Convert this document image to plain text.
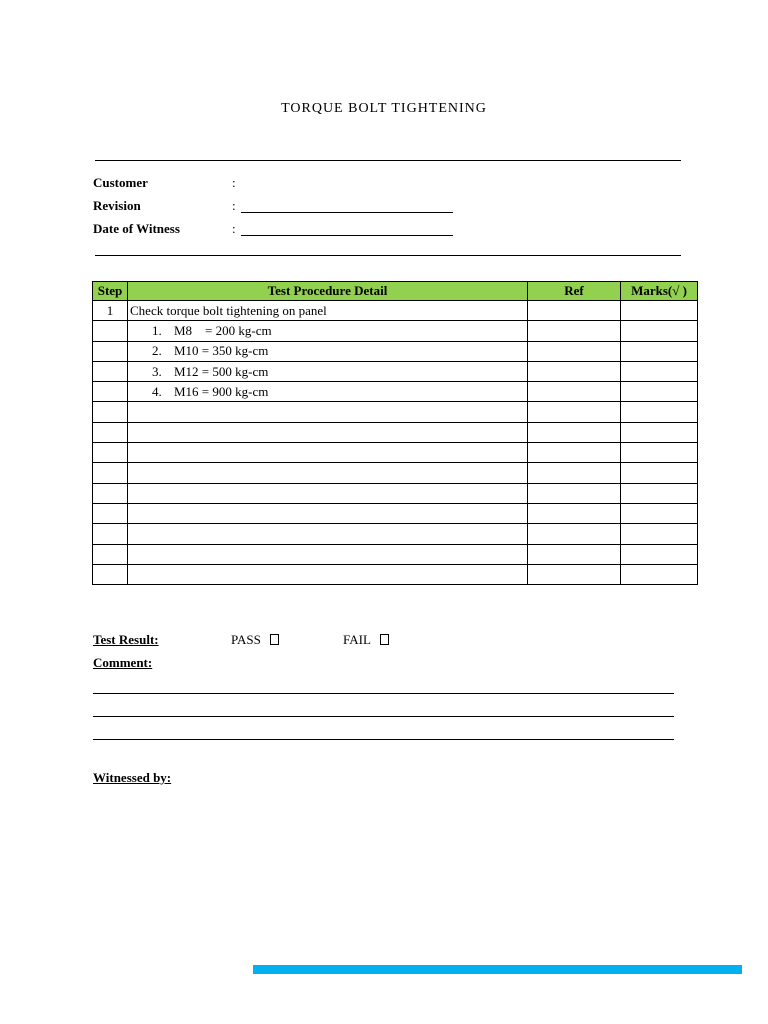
TORQUE BOLT TIGHTENING
Customer	:
Revision	:
Date of Witness	:
Step	Test Procedure Detail	Ref	Marks(√ )
1	Check torque bolt tightening on panel		
	1. M8    = 200 kg-cm		
	2. M10 = 350 kg-cm		
	3. M12 = 500 kg-cm		
	4. M16 = 900 kg-cm		

Test Result:	PASS	FAIL
Comment:
Witnessed by:
